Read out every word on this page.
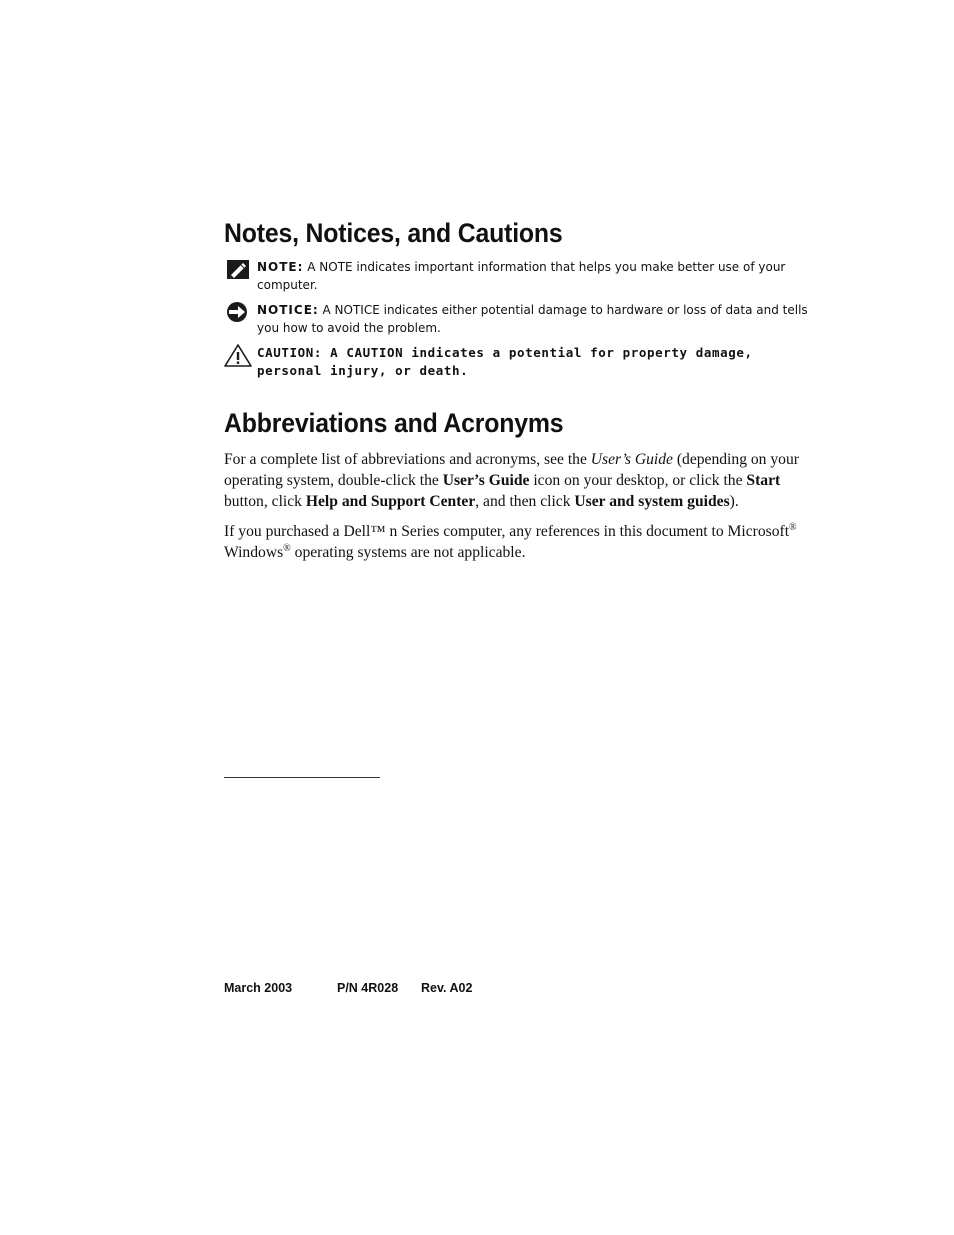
Notes, Notices, and Cautions
NOTE: A NOTE indicates important information that helps you make better use of your computer.
NOTICE: A NOTICE indicates either potential damage to hardware or loss of data and tells you how to avoid the problem.
CAUTION: A CAUTION indicates a potential for property damage, personal injury, or death.
Abbreviations and Acronyms

For a complete list of abbreviations and acronyms, see the User’s Guide (depending on your operating system, double-click the User’s Guide icon on your desktop, or click the Start button, click Help and Support Center, and then click User and system guides).

If you purchased a Dell™ n Series computer, any references in this document to Microsoft® Windows® operating systems are not applicable.

March 2003	P/N 4R028 Rev. A02
